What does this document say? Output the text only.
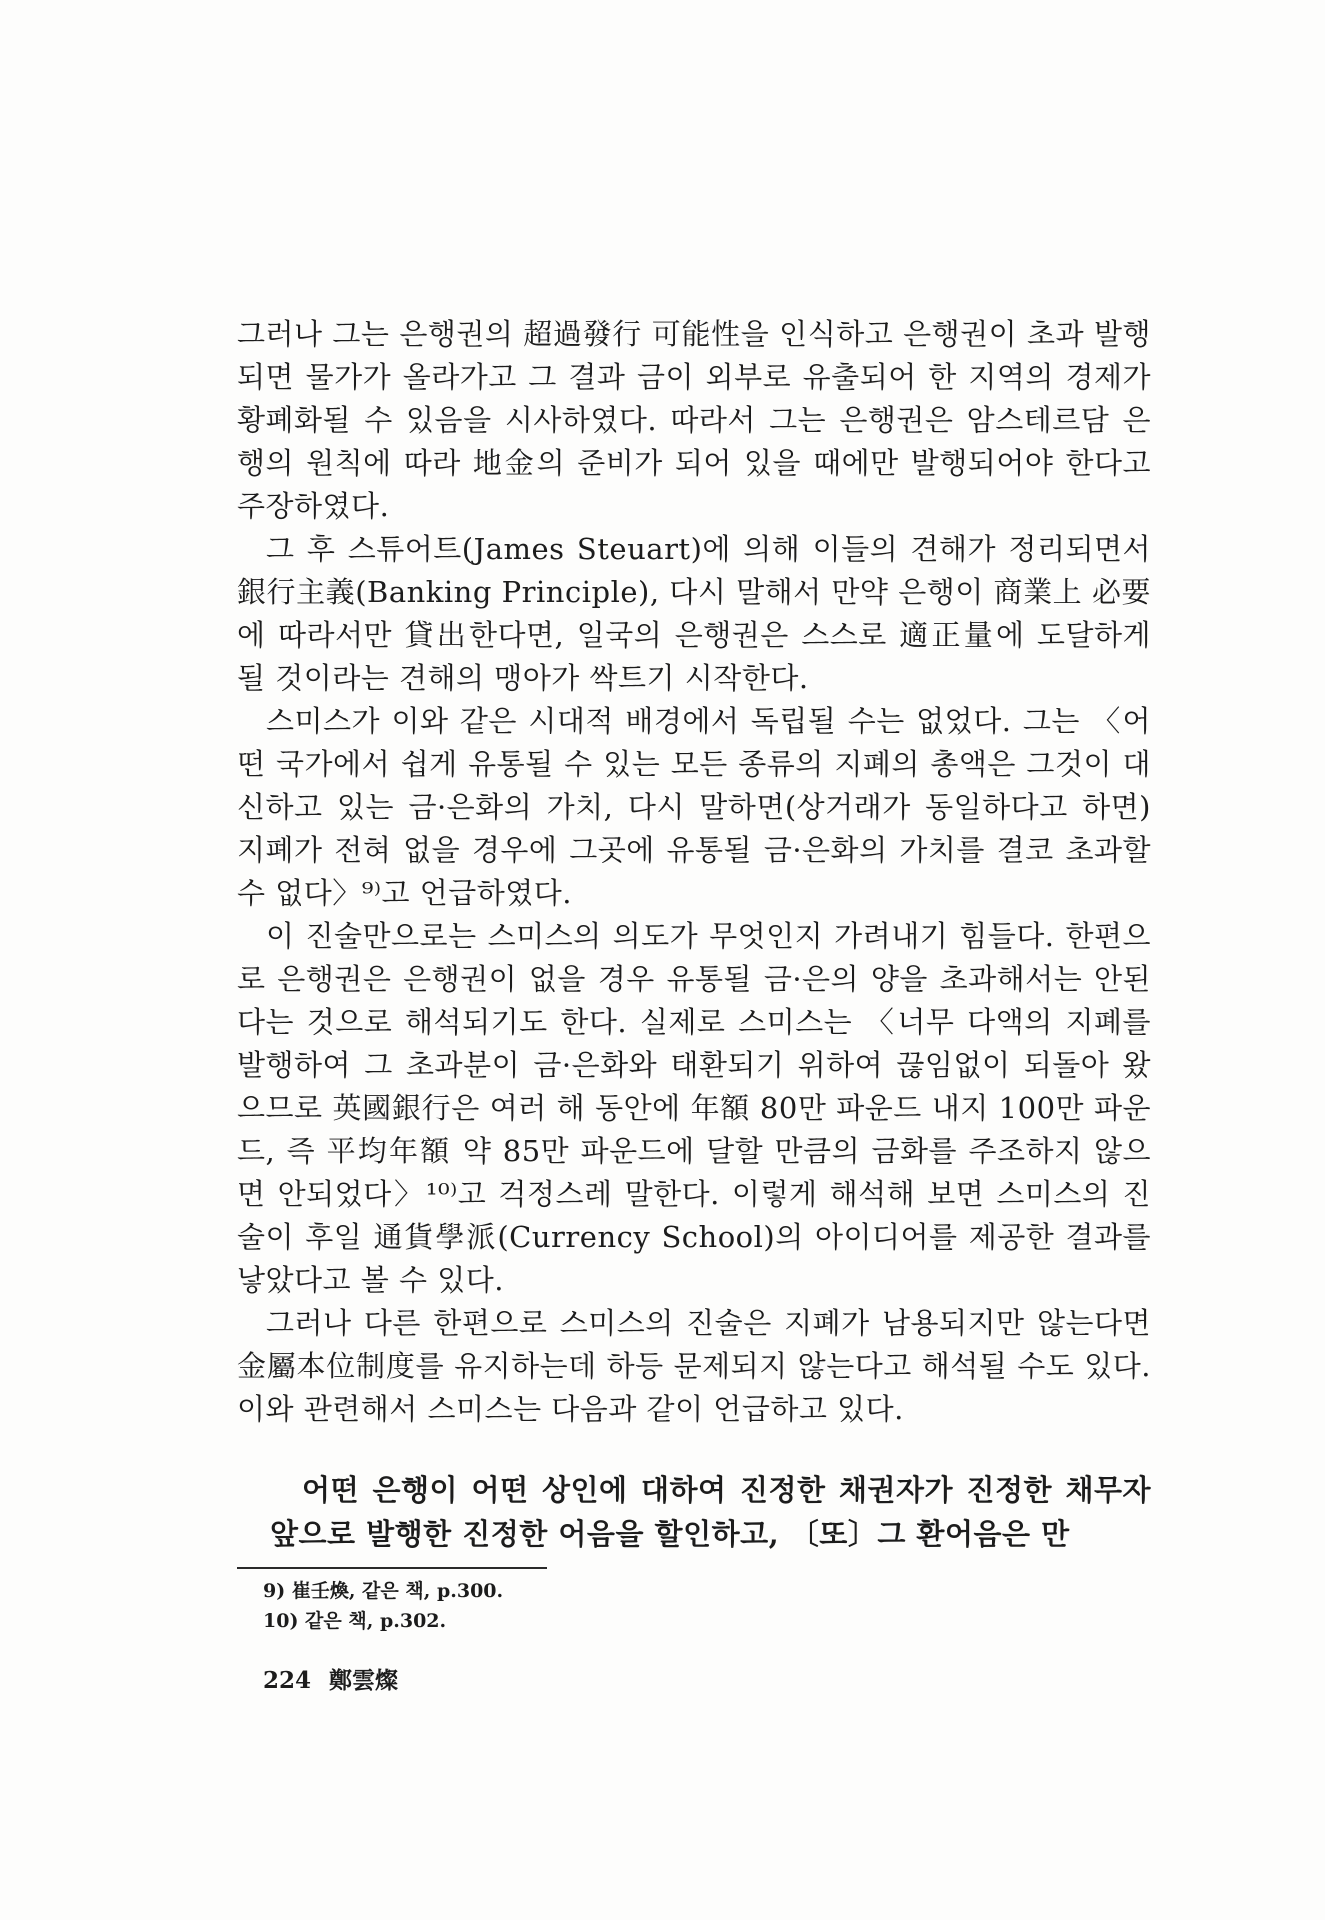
그러나 그는 은행권의 超過發行 可能性을 인식하고 은행권이 초과 발행되면 물가가 올라가고 그 결과 금이 외부로 유출되어 한 지역의 경제가 황폐화될 수 있음을 시사하였다. 따라서 그는 은행권은 암스테르담 은행의 원칙에 따라 地金의 준비가 되어 있을 때에만 발행되어야 한다고 주장하였다.

그 후 스튜어트(James Steuart)에 의해 이들의 견해가 정리되면서 銀行主義(Banking Principle), 다시 말해서 만약 은행이 商業上 必要에 따라서만 貸出한다면, 일국의 은행권은 스스로 適正量에 도달하게 될 것이라는 견해의 맹아가 싹트기 시작한다.

스미스가 이와 같은 시대적 배경에서 독립될 수는 없었다. 그는 〈어떤 국가에서 쉽게 유통될 수 있는 모든 종류의 지폐의 총액은 그것이 대신하고 있는 금·은화의 가치, 다시 말하면(상거래가 동일하다고 하면) 지폐가 전혀 없을 경우에 그곳에 유통될 금·은화의 가치를 결코 초과할 수 없다〉⁹⁾고 언급하였다.

이 진술만으로는 스미스의 의도가 무엇인지 가려내기 힘들다. 한편으로 은행권은 은행권이 없을 경우 유통될 금·은의 양을 초과해서는 안된다는 것으로 해석되기도 한다. 실제로 스미스는 〈너무 다액의 지폐를 발행하여 그 초과분이 금·은화와 태환되기 위하여 끊임없이 되돌아 왔으므로 英國銀行은 여러 해 동안에 年額 80만 파운드 내지 100만 파운드, 즉 平均年額 약 85만 파운드에 달할 만큼의 금화를 주조하지 않으면 안되었다〉¹⁰⁾고 걱정스레 말한다. 이렇게 해석해 보면 스미스의 진술이 후일 通貨學派(Currency School)의 아이디어를 제공한 결과를 낳았다고 볼 수 있다.

그러나 다른 한편으로 스미스의 진술은 지폐가 남용되지만 않는다면 金屬本位制度를 유지하는데 하등 문제되지 않는다고 해석될 수도 있다. 이와 관련해서 스미스는 다음과 같이 언급하고 있다.

어떤 은행이 어떤 상인에 대하여 진정한 채권자가 진정한 채무자 앞으로 발행한 진정한 어음을 할인하고, 〔또〕그 환어음은 만

9) 崔壬煥, 같은 책, p.300.
10) 같은 책, p.302.
224 鄭雲燦
